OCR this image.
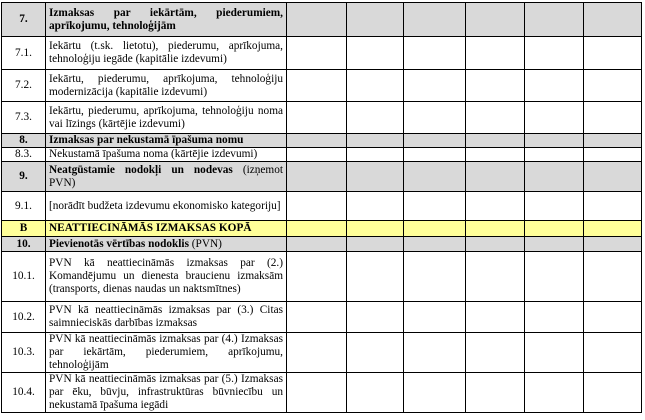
7.	Izmaksas par iekārtām, piederumiem, aprīkojumu, tehnoloģijām						
7.1.	Iekārtu (t.sk. lietotu), piederumu, aprīkojuma, tehnoloģiju iegāde (kapitālie izdevumi)						
7.2.	Iekārtu, piederumu, aprīkojuma, tehnoloģiju modernizācija (kapitālie izdevumi)						
7.3.	Iekārtu, piederumu, aprīkojuma, tehnoloģiju noma vai līzings (kārtējie izdevumi)						
8.	Izmaksas par nekustamā īpašuma nomu						
8.3.	Nekustamā īpašuma noma (kārtējie izdevumi)						
9.	Neatgūstamie nodokļi un nodevas (izņemot PVN)						
9.1.	[norādīt budžeta izdevumu ekonomisko kategoriju]						
B	NEATTIECINĀMĀS IZMAKSAS KOPĀ						
10.	Pievienotās vērtības nodoklis (PVN)						
10.1.	PVN kā neattiecināmās izmaksas par (2.) Komandējumu un dienesta braucienu izmaksām (transports, dienas naudas un naktsmītnes)						
10.2.	PVN kā neattiecināmās izmaksas par (3.) Citas saimnieciskās darbības izmaksas						
10.3.	PVN kā neattiecināmās izmaksas par (4.) Izmaksas par iekārtām, piederumiem, aprīkojumu, tehnoloģijām						
10.4.	PVN kā neattiecināmās izmaksas par (5.) Izmaksas par ēku, būvju, infrastruktūras būvniecību un nekustamā īpašuma iegādi						
